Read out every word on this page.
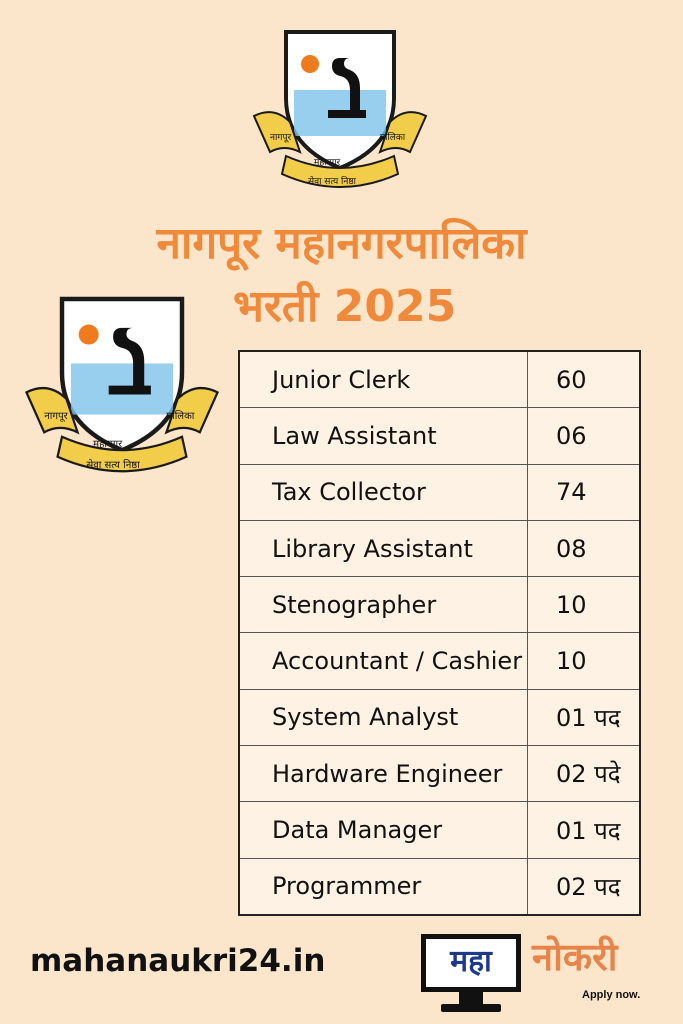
नागपूर
महानगर
पालिका
सेवा सत्य निष्ठा
नागपूर महानगरपालिका
भरती 2025
नागपूर
महानगर
पालिका
सेवा सत्य निष्ठा
Junior Clerk	60
Law Assistant	06
Tax Collector	74
Library Assistant	08
Stenographer	10
Accountant / Cashier	10
System Analyst	01 पद
Hardware Engineer	02 पदे
Data Manager	01 पद
Programmer	02 पद
mahanaukri24.in	महा	नोकरी
Apply now.
